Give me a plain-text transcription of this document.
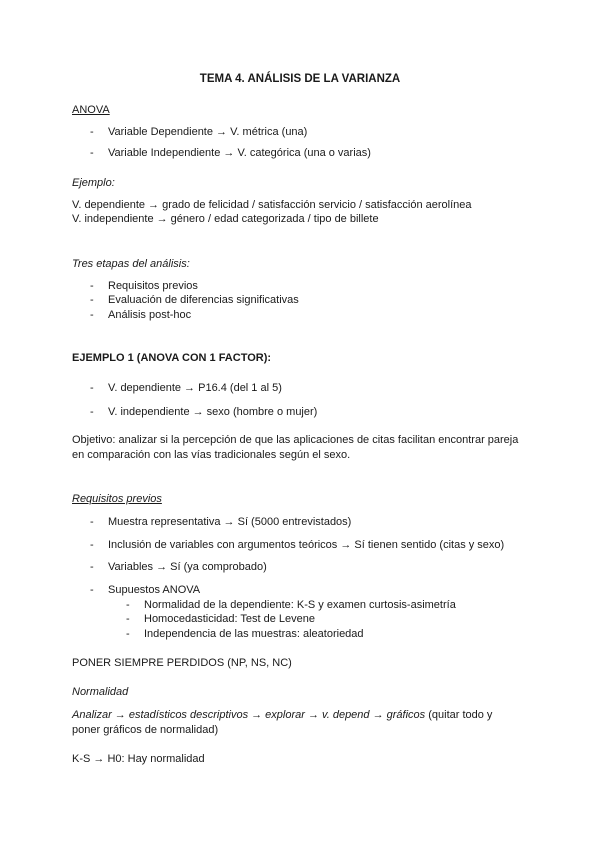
TEMA 4. ANÁLISIS DE LA VARIANZA
ANOVA
- Variable Dependiente → V. métrica (una)
- Variable Independiente → V. categórica (una o varias)
Ejemplo:
V. dependiente → grado de felicidad / satisfacción servicio / satisfacción aerolínea
V. independiente → género / edad categorizada / tipo de billete
Tres etapas del análisis:
- Requisitos previos
- Evaluación de diferencias significativas
- Análisis post-hoc
EJEMPLO 1 (ANOVA CON 1 FACTOR):
- V. dependiente → P16.4 (del 1 al 5)
- V. independiente → sexo (hombre o mujer)
Objetivo: analizar si la percepción de que las aplicaciones de citas facilitan encontrar pareja
en comparación con las vías tradicionales según el sexo.
Requisitos previos
- Muestra representativa → Sí (5000 entrevistados)
- Inclusión de variables con argumentos teóricos → Sí tienen sentido (citas y sexo)
- Variables → Sí (ya comprobado)
- Supuestos ANOVA
- Normalidad de la dependiente: K-S y examen curtosis-asimetría
- Homocedasticidad: Test de Levene
- Independencia de las muestras: aleatoriedad
PONER SIEMPRE PERDIDOS (NP, NS, NC)
Normalidad
Analizar → estadísticos descriptivos → explorar → v. depend → gráficos (quitar todo y
poner gráficos de normalidad)
K-S → H0: Hay normalidad
